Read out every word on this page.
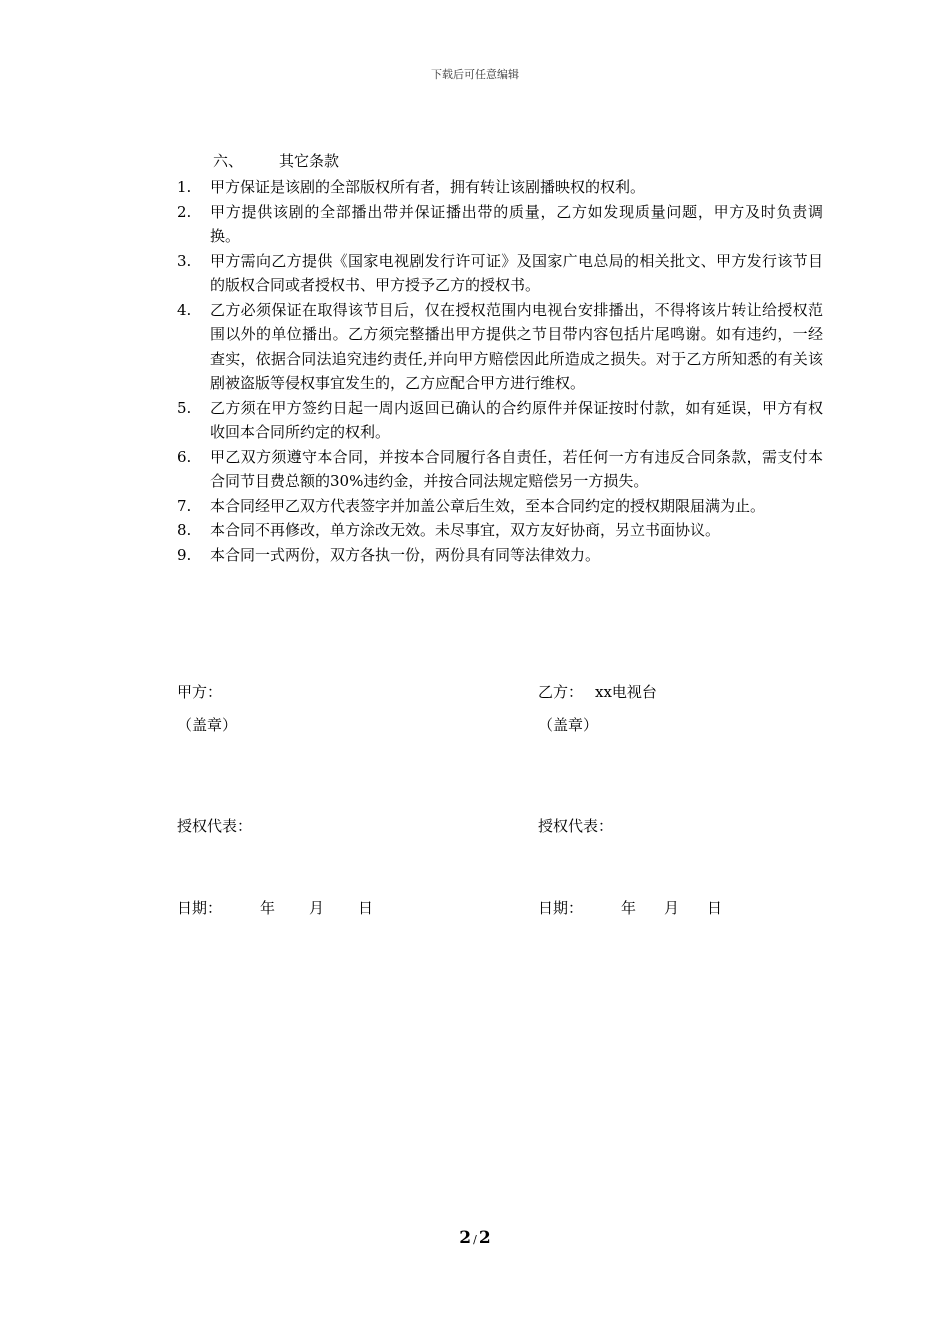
下载后可任意编辑
六、 其它条款
1. 甲方保证是该剧的全部版权所有者，拥有转让该剧播映权的权利。
2. 甲方提供该剧的全部播出带并保证播出带的质量，乙方如发现质量问题，甲方及时负责调换。
3. 甲方需向乙方提供《国家电视剧发行许可证》及国家广电总局的相关批文、甲方发行该节目的版权合同或者授权书、甲方授予乙方的授权书。
4. 乙方必须保证在取得该节目后，仅在授权范围内电视台安排播出，不得将该片转让给授权范围以外的单位播出。乙方须完整播出甲方提供之节目带内容包括片尾鸣谢。如有违约，一经查实，依据合同法追究违约责任,并向甲方赔偿因此所造成之损失。对于乙方所知悉的有关该剧被盗版等侵权事宜发生的，乙方应配合甲方进行维权。
5. 乙方须在甲方签约日起一周内返回已确认的合约原件并保证按时付款，如有延误，甲方有权收回本合同所约定的权利。
6. 甲乙双方须遵守本合同，并按本合同履行各自责任，若任何一方有违反合同条款，需支付本合同节目费总额的30%违约金，并按合同法规定赔偿另一方损失。
7. 本合同经甲乙双方代表签字并加盖公章后生效，至本合同约定的授权期限届满为止。
8. 本合同不再修改，单方涂改无效。未尽事宜，双方友好协商，另立书面协议。
9. 本合同一式两份，双方各执一份，两份具有同等法律效力。
甲方：
（盖章）
授权代表：
日期：	年 月 日
乙方： xx电视台
（盖章）
授权代表：
日期：	年 月 日
2 / 2
